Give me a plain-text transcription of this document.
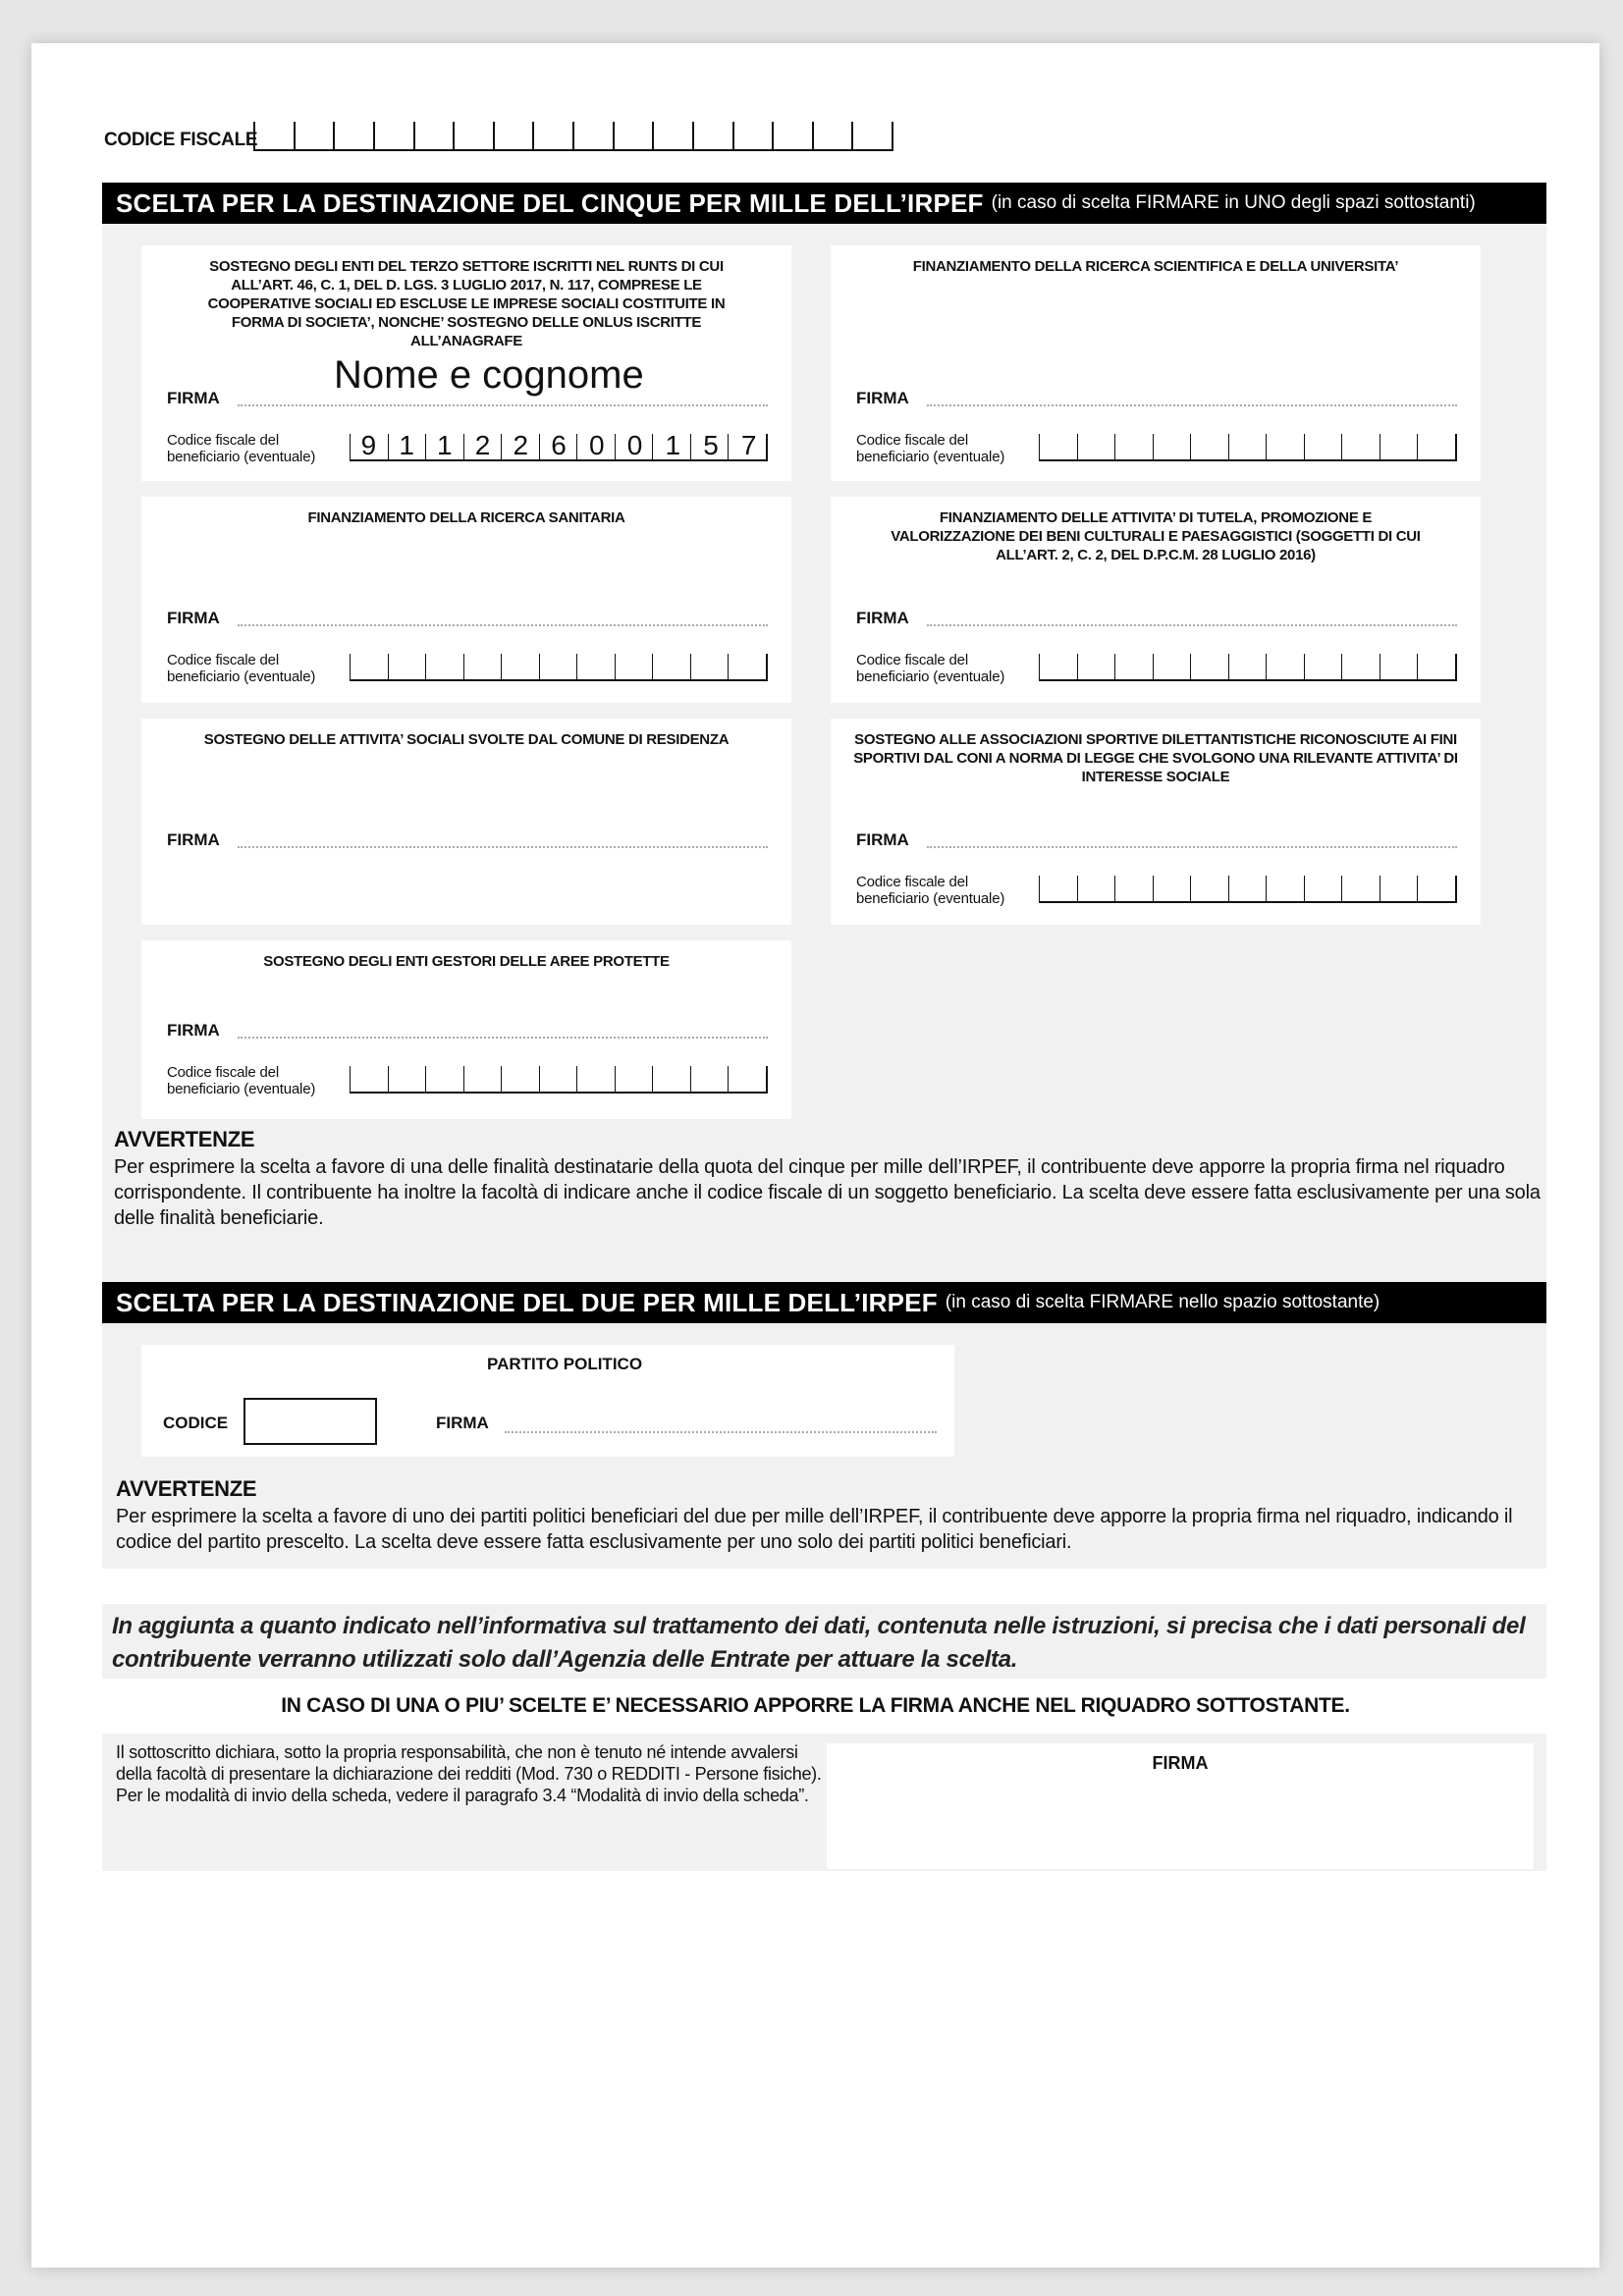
CODICE FISCALE
SCELTA PER LA DESTINAZIONE DEL CINQUE PER MILLE DELL’IRPEF (in caso di scelta FIRMARE in UNO degli spazi sottostanti)
SOSTEGNO DEGLI ENTI DEL TERZO SETTORE ISCRITTI NEL RUNTS DI CUI ALL’ART. 46, C. 1, DEL D. LGS. 3 LUGLIO 2017, N. 117, COMPRESE LE COOPERATIVE SOCIALI ED ESCLUSE LE IMPRESE SOCIALI COSTITUITE IN FORMA DI SOCIETA’, NONCHE’ SOSTEGNO DELLE ONLUS ISCRITTE ALL’ANAGRAFE
FIRMA
Nome e cognome
Codice fiscale del
beneficiario (eventuale)	9 1 1 2 2 6 0 0 1 5 7
FINANZIAMENTO DELLA RICERCA SCIENTIFICA E DELLA UNIVERSITA’
FIRMA
Codice fiscale del
beneficiario (eventuale)
FINANZIAMENTO DELLA RICERCA SANITARIA
FIRMA
Codice fiscale del
beneficiario (eventuale)
FINANZIAMENTO DELLE ATTIVITA’ DI TUTELA, PROMOZIONE E VALORIZZAZIONE DEI BENI CULTURALI E PAESAGGISTICI (SOGGETTI DI CUI ALL’ART. 2, C. 2, DEL D.P.C.M. 28 LUGLIO 2016)
FIRMA
Codice fiscale del
beneficiario (eventuale)
SOSTEGNO DELLE ATTIVITA’ SOCIALI SVOLTE DAL COMUNE DI RESIDENZA
FIRMA
SOSTEGNO ALLE ASSOCIAZIONI SPORTIVE DILETTANTISTICHE RICONOSCIUTE AI FINI SPORTIVI DAL CONI A NORMA DI LEGGE CHE SVOLGONO UNA RILEVANTE ATTIVITA’ DI INTERESSE SOCIALE
FIRMA
Codice fiscale del
beneficiario (eventuale)
SOSTEGNO DEGLI ENTI GESTORI DELLE AREE PROTETTE
FIRMA
Codice fiscale del
beneficiario (eventuale)
AVVERTENZE
Per esprimere la scelta a favore di una delle finalità destinatarie della quota del cinque per mille dell’IRPEF, il contribuente deve apporre la propria firma nel riquadro corrispondente. Il contribuente ha inoltre la facoltà di indicare anche il codice fiscale di un soggetto beneficiario. La scelta deve essere fatta esclusivamente per una sola delle finalità beneficiarie.
SCELTA PER LA DESTINAZIONE DEL DUE PER MILLE DELL’IRPEF (in caso di scelta FIRMARE nello spazio sottostante)
PARTITO POLITICO
CODICE	FIRMA
AVVERTENZE
Per esprimere la scelta a favore di uno dei partiti politici beneficiari del due per mille dell’IRPEF, il contribuente deve apporre la propria firma nel riquadro, indicando il codice del partito prescelto. La scelta deve essere fatta esclusivamente per uno solo dei partiti politici beneficiari.
In aggiunta a quanto indicato nell’informativa sul trattamento dei dati, contenuta nelle istruzioni, si precisa che i dati personali del contribuente verranno utilizzati solo dall’Agenzia delle Entrate per attuare la scelta.
IN CASO DI UNA O PIU’ SCELTE E’ NECESSARIO APPORRE LA FIRMA ANCHE NEL RIQUADRO SOTTOSTANTE.
Il sottoscritto dichiara, sotto la propria responsabilità, che non è tenuto né intende avvalersi della facoltà di presentare la dichiarazione dei redditi (Mod. 730 o REDDITI - Persone fisiche). Per le modalità di invio della scheda, vedere il paragrafo 3.4 “Modalità di invio della scheda”.
FIRMA
